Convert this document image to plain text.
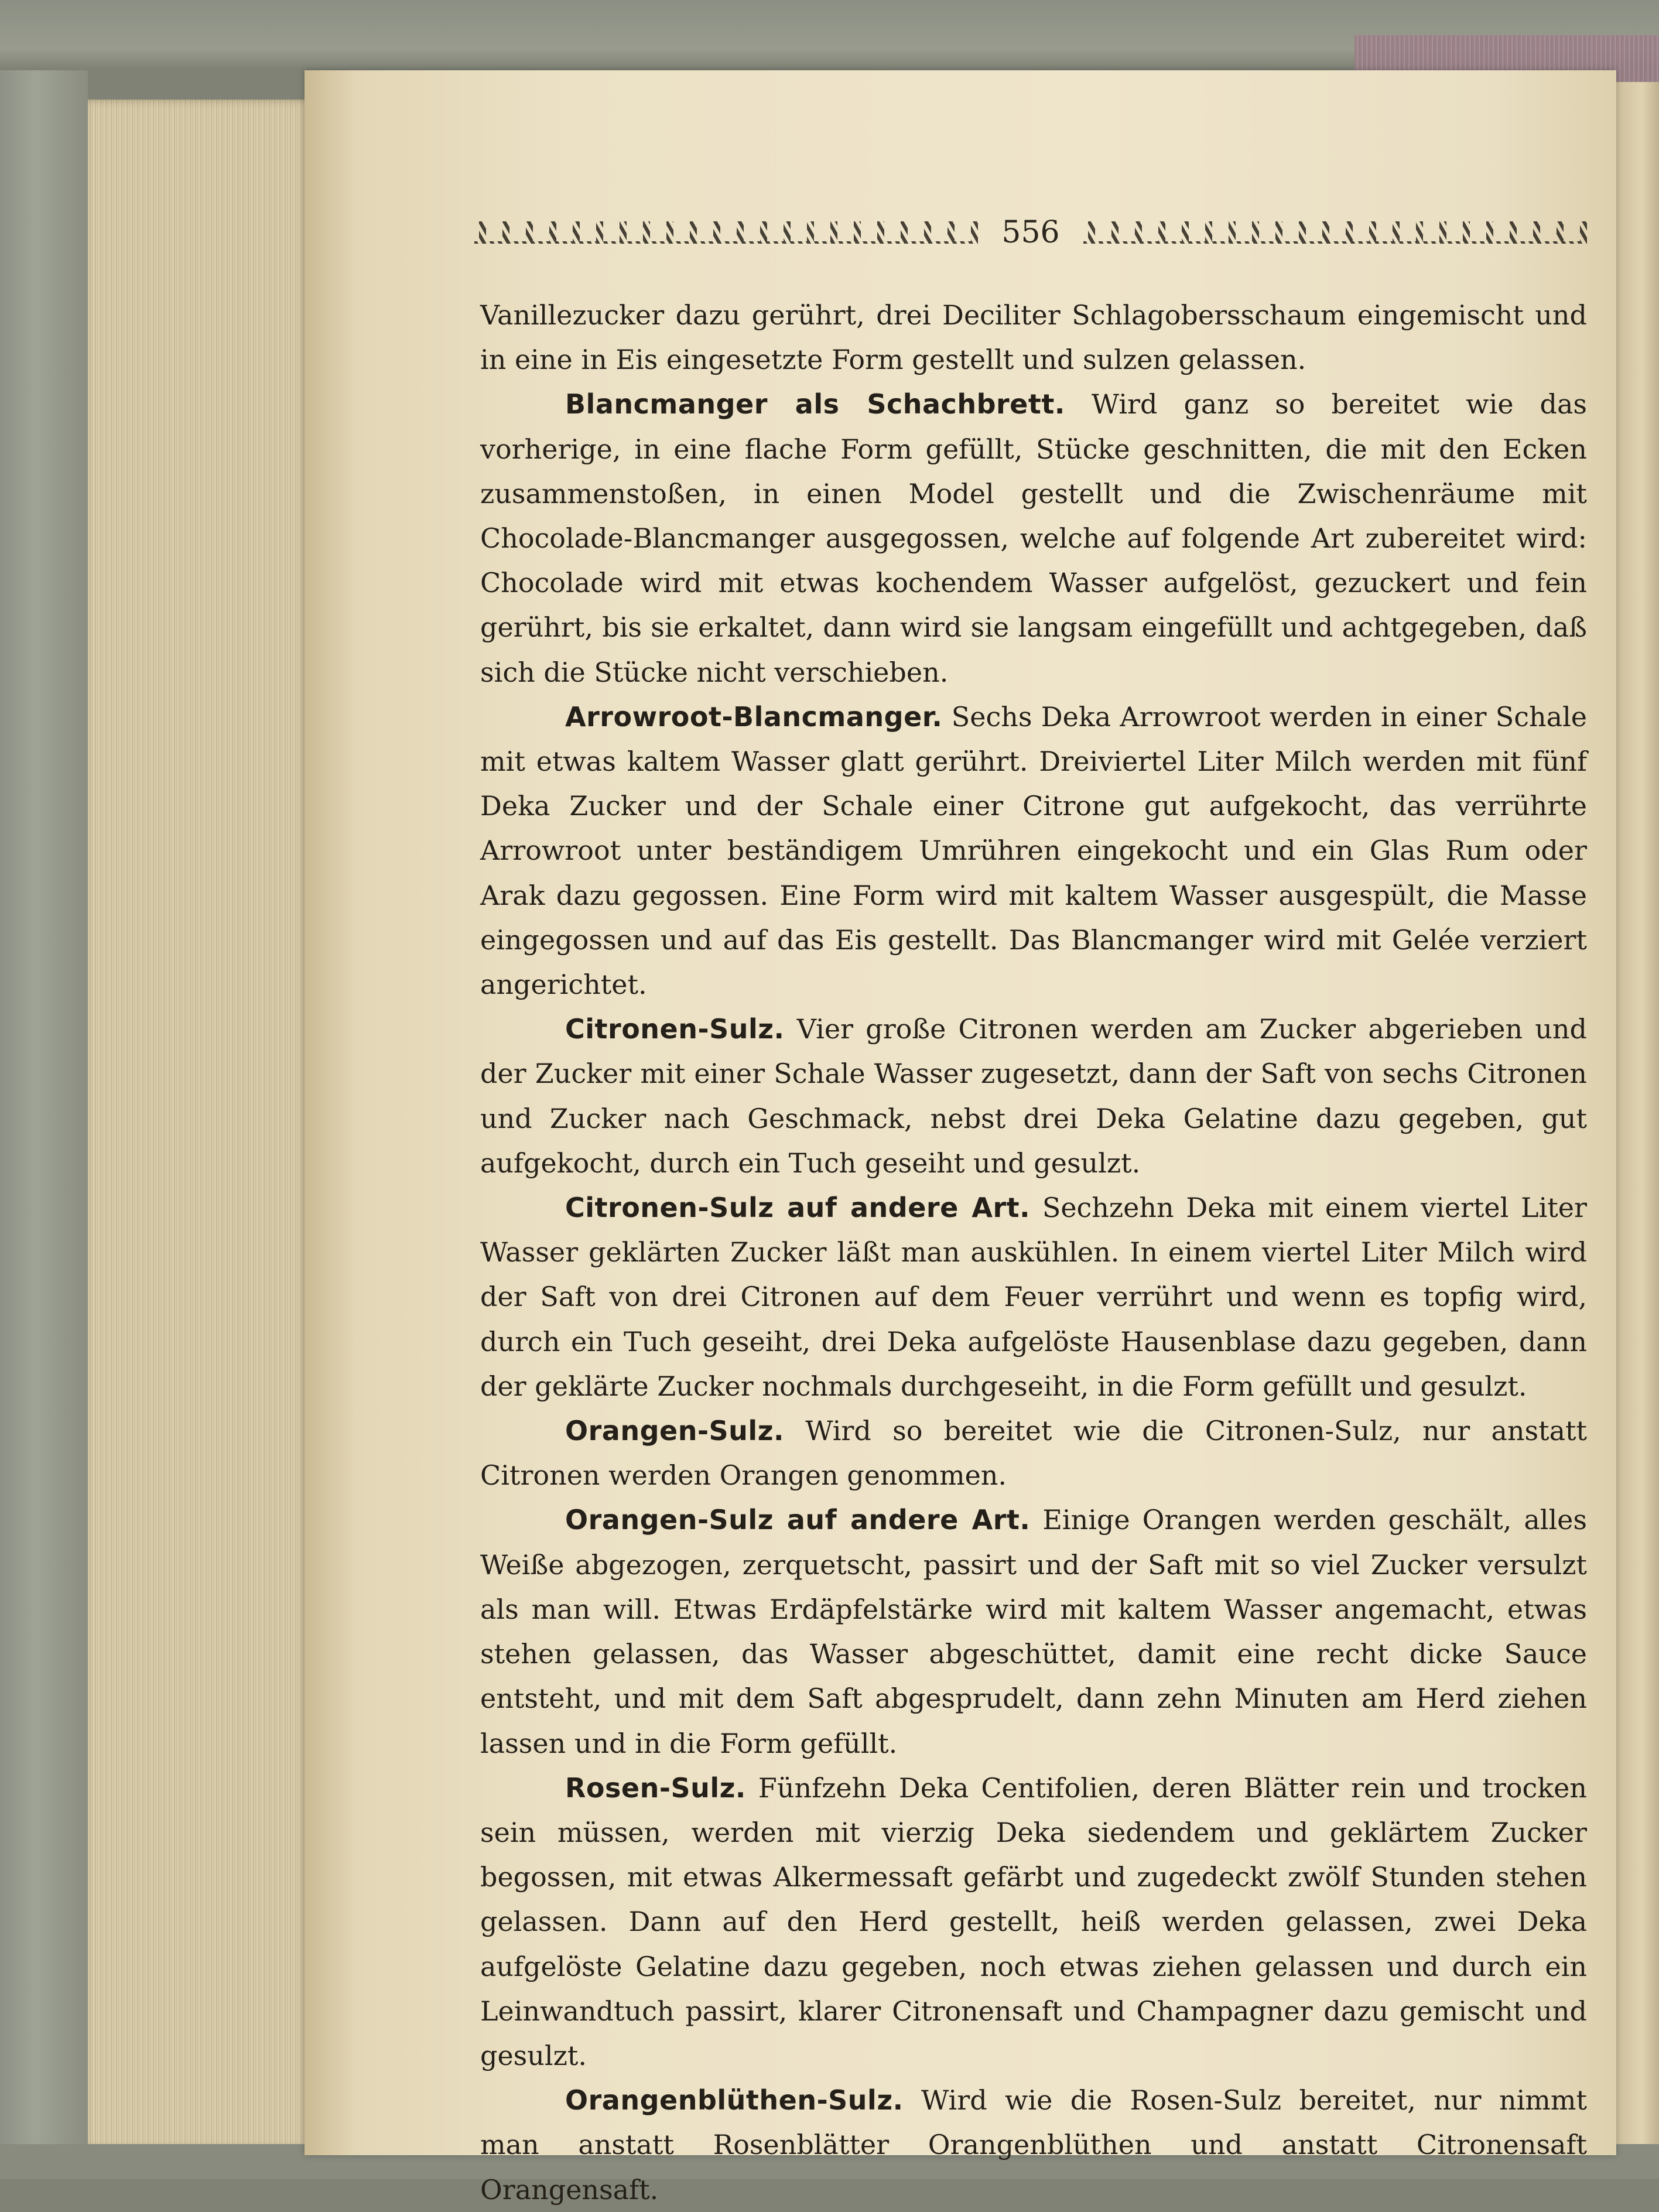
556

Vanillezucker dazu gerührt, drei Deciliter Schlagobersschaum eingemischt und in eine in Eis eingesetzte Form gestellt und sulzen gelassen.

Blancmanger als Schachbrett. Wird ganz so bereitet wie das vorherige, in eine flache Form gefüllt, Stücke geschnitten, die mit den Ecken zusammenstoßen, in einen Model gestellt und die Zwischenräume mit Chocolade-Blancmanger ausgegossen, welche auf folgende Art zubereitet wird: Chocolade wird mit etwas kochendem Wasser aufgelöst, gezuckert und fein gerührt, bis sie erkaltet, dann wird sie langsam eingefüllt und achtgegeben, daß sich die Stücke nicht verschieben.

Arrowroot-Blancmanger. Sechs Deka Arrowroot werden in einer Schale mit etwas kaltem Wasser glatt gerührt. Dreiviertel Liter Milch werden mit fünf Deka Zucker und der Schale einer Citrone gut aufgekocht, das verrührte Arrowroot unter beständigem Umrühren eingekocht und ein Glas Rum oder Arak dazu gegossen. Eine Form wird mit kaltem Wasser ausgespült, die Masse eingegossen und auf das Eis gestellt. Das Blancmanger wird mit Gelée verziert angerichtet.

Citronen-Sulz. Vier große Citronen werden am Zucker abgerieben und der Zucker mit einer Schale Wasser zugesetzt, dann der Saft von sechs Citronen und Zucker nach Geschmack, nebst drei Deka Gelatine dazu gegeben, gut aufgekocht, durch ein Tuch geseiht und gesulzt.

Citronen-Sulz auf andere Art. Sechzehn Deka mit einem viertel Liter Wasser geklärten Zucker läßt man auskühlen. In einem viertel Liter Milch wird der Saft von drei Citronen auf dem Feuer verrührt und wenn es topfig wird, durch ein Tuch geseiht, drei Deka aufgelöste Hausenblase dazu gegeben, dann der geklärte Zucker nochmals durchgeseiht, in die Form gefüllt und gesulzt.

Orangen-Sulz. Wird so bereitet wie die Citronen-Sulz, nur anstatt Citronen werden Orangen genommen.

Orangen-Sulz auf andere Art. Einige Orangen werden geschält, alles Weiße abgezogen, zerquetscht, passirt und der Saft mit so viel Zucker versulzt als man will. Etwas Erdäpfelstärke wird mit kaltem Wasser angemacht, etwas stehen gelassen, das Wasser abgeschüttet, damit eine recht dicke Sauce entsteht, und mit dem Saft abgesprudelt, dann zehn Minuten am Herd ziehen lassen und in die Form gefüllt.

Rosen-Sulz. Fünfzehn Deka Centifolien, deren Blätter rein und trocken sein müssen, werden mit vierzig Deka siedendem und geklärtem Zucker begossen, mit etwas Alkermessaft gefärbt und zugedeckt zwölf Stunden stehen gelassen. Dann auf den Herd gestellt, heiß werden gelassen, zwei Deka aufgelöste Gelatine dazu gegeben, noch etwas ziehen gelassen und durch ein Leinwandtuch passirt, klarer Citronensaft und Champagner dazu gemischt und gesulzt.

Orangenblüthen-Sulz. Wird wie die Rosen-Sulz bereitet, nur nimmt man anstatt Rosenblätter Orangenblüthen und anstatt Citronensaft Orangensaft.
